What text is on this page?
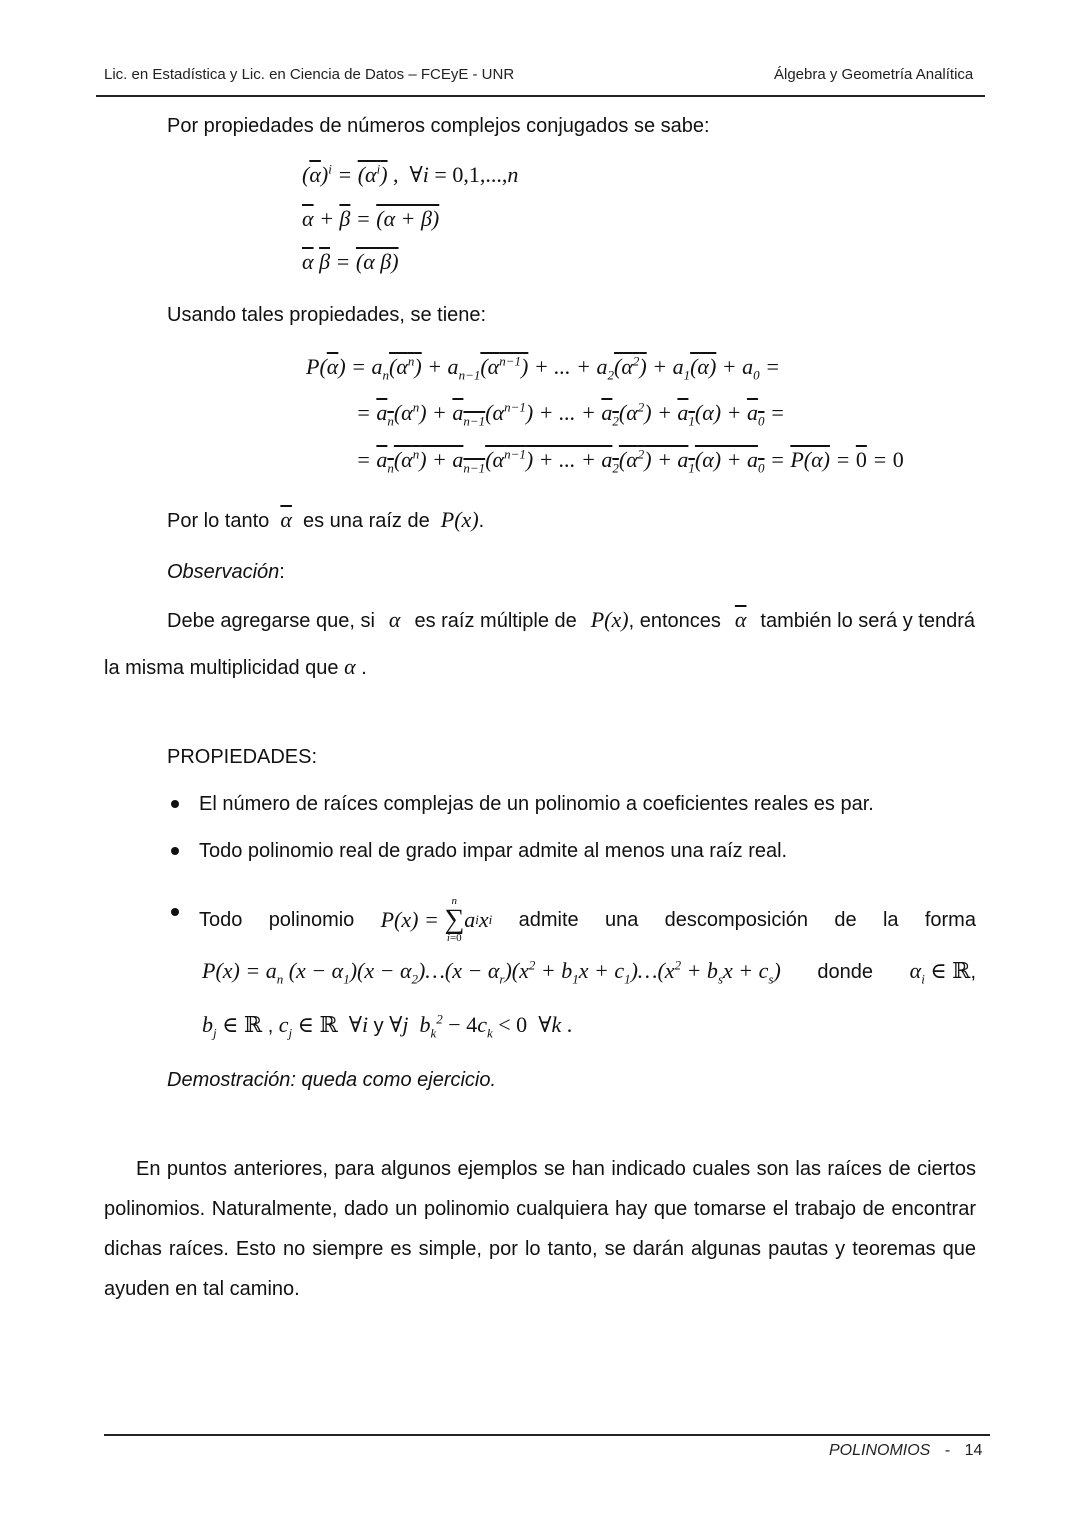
Lic. en Estadística y Lic. en Ciencia de Datos – FCEyE - UNR	Álgebra y Geometría Analítica
Por propiedades de números complejos conjugados se sabe:
$(\overline{\alpha})^i = (\alpha^i)$ ,  ∀i = 0,1,...,n
$\overline{\alpha} + \overline{\beta} = (\alpha + \beta)$
$\overline{\alpha}$ $\overline{\beta} = (\alpha$ β)
Usando tales propiedades, se tiene:
$P(\overline{\alpha}) = a_n(\alpha^n) + a_{n-1}(\alpha^{n-1})$ + ... + $a_2(\alpha^2) + a_1(\alpha) + a_0$ =
= $a_n(\alpha^n) + a_{n-1}(\alpha^{n-1})$ + ... + $a_2(\alpha^2) + a_1(\alpha) + a_0$ =
= $a_n(\alpha^n) + a_{n-1}(\alpha^{n-1})$ + ... + $a_2(\alpha^2) + a_1(\alpha) + a_0 = P(\alpha) = 0 = 0$
Por lo tanto $\overline{\alpha}$ es una raíz de  P(x).
Observación:
Debe agregarse que, si α es raíz múltiple de P(x), entonces $\overline{\alpha}$ también lo será y tendrá
la misma multiplicidad que α .
PROPIEDADES:
El número de raíces complejas de un polinomio a coeficientes reales es par.
Todo polinomio real de grado impar admite al menos una raíz real.
Todo polinomio P(x) =
n
∑
i=0
a i x i admite una descomposición de la forma
$P(x) = a_n$ $(x - \alpha_1)(x$ − $\alpha_2)\dots(x - \alpha_r)(x^2 + b_1x$ + $c_1)\dots(x^2 + b_sx + c_s)$ donde $\alpha_i$ ∈ ℝ,
$b_j$ ∈ ℝ , $c_j$ ∈ ℝ  ∀i y ∀j  $b_k^2 - 4c_k < 0$  ∀k .
Demostración: queda como ejercicio.
En puntos anteriores, para algunos ejemplos se han indicado cuales son las raíces de ciertos
polinomios. Naturalmente, dado un polinomio cualquiera hay que tomarse el trabajo de encontrar
dichas raíces. Esto no siempre es simple, por lo tanto, se darán algunas pautas y teoremas que
ayuden en tal camino.
POLINOMIOS - 14
